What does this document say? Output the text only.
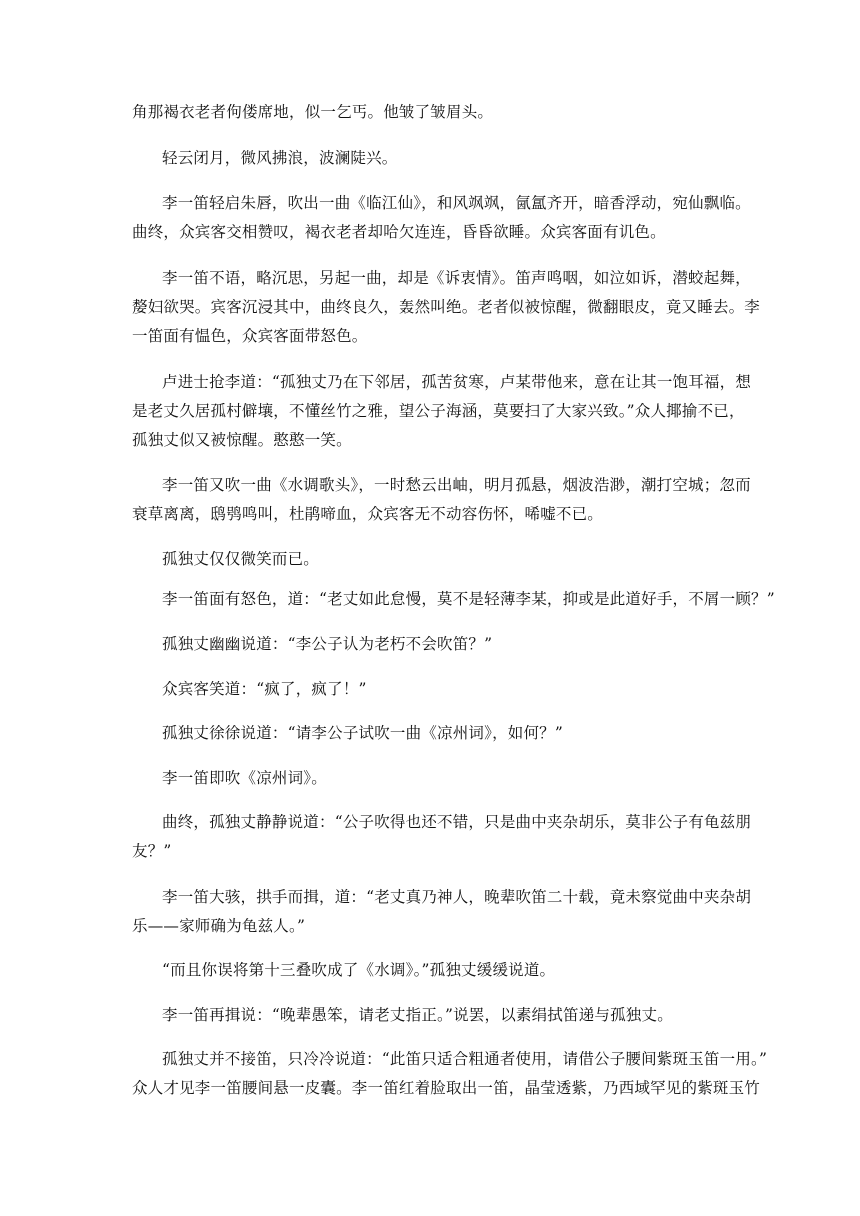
角那褐衣老者佝偻席地，似一乞丐。他皱了皱眉头。

轻云闭月，微风拂浪，波澜陡兴。

李一笛轻启朱唇，吹出一曲《临江仙》，和风飒飒，氤氲齐开，暗香浮动，宛仙飘临。
曲终，众宾客交相赞叹，褐衣老者却哈欠连连，昏昏欲睡。众宾客面有讥色。

李一笛不语，略沉思，另起一曲，却是《诉衷情》。笛声鸣咽，如泣如诉，潜蛟起舞，
嫠妇欲哭。宾客沉浸其中，曲终良久，轰然叫绝。老者似被惊醒，微翻眼皮，竟又睡去。李
一笛面有愠色，众宾客面带怒色。

卢进士抢李道：“孤独丈乃在下邻居，孤苦贫寒，卢某带他来，意在让其一饱耳福，想
是老丈久居孤村僻壤，不懂丝竹之雅，望公子海涵，莫要扫了大家兴致。”众人揶揄不已，
孤独丈似又被惊醒。憨憨一笑。

李一笛又吹一曲《水调歌头》，一时愁云出岫，明月孤悬，烟波浩渺，潮打空城；忽而
衰草离离，鸱鸮鸣叫，杜鹃啼血，众宾客无不动容伤怀，唏嘘不已。

孤独丈仅仅微笑而已。

李一笛面有怒色，道：“老丈如此怠慢，莫不是轻薄李某，抑或是此道好手，不屑一顾？”

孤独丈幽幽说道：“李公子认为老朽不会吹笛？”

众宾客笑道：“疯了，疯了！”

孤独丈徐徐说道：“请李公子试吹一曲《凉州词》，如何？”

李一笛即吹《凉州词》。

曲终，孤独丈静静说道：“公子吹得也还不错，只是曲中夹杂胡乐，莫非公子有龟兹朋
友？”

李一笛大骇，拱手而揖，道：“老丈真乃神人，晚辈吹笛二十载，竟未察觉曲中夹杂胡
乐——家师确为龟兹人。”

“而且你误将第十三叠吹成了《水调》。”孤独丈缓缓说道。

李一笛再揖说：“晚辈愚笨，请老丈指正。”说罢，以素绢拭笛递与孤独丈。

孤独丈并不接笛，只冷冷说道：“此笛只适合粗通者使用，请借公子腰间紫斑玉笛一用。”
众人才见李一笛腰间悬一皮囊。李一笛红着脸取出一笛，晶莹透紫，乃西域罕见的紫斑玉竹
